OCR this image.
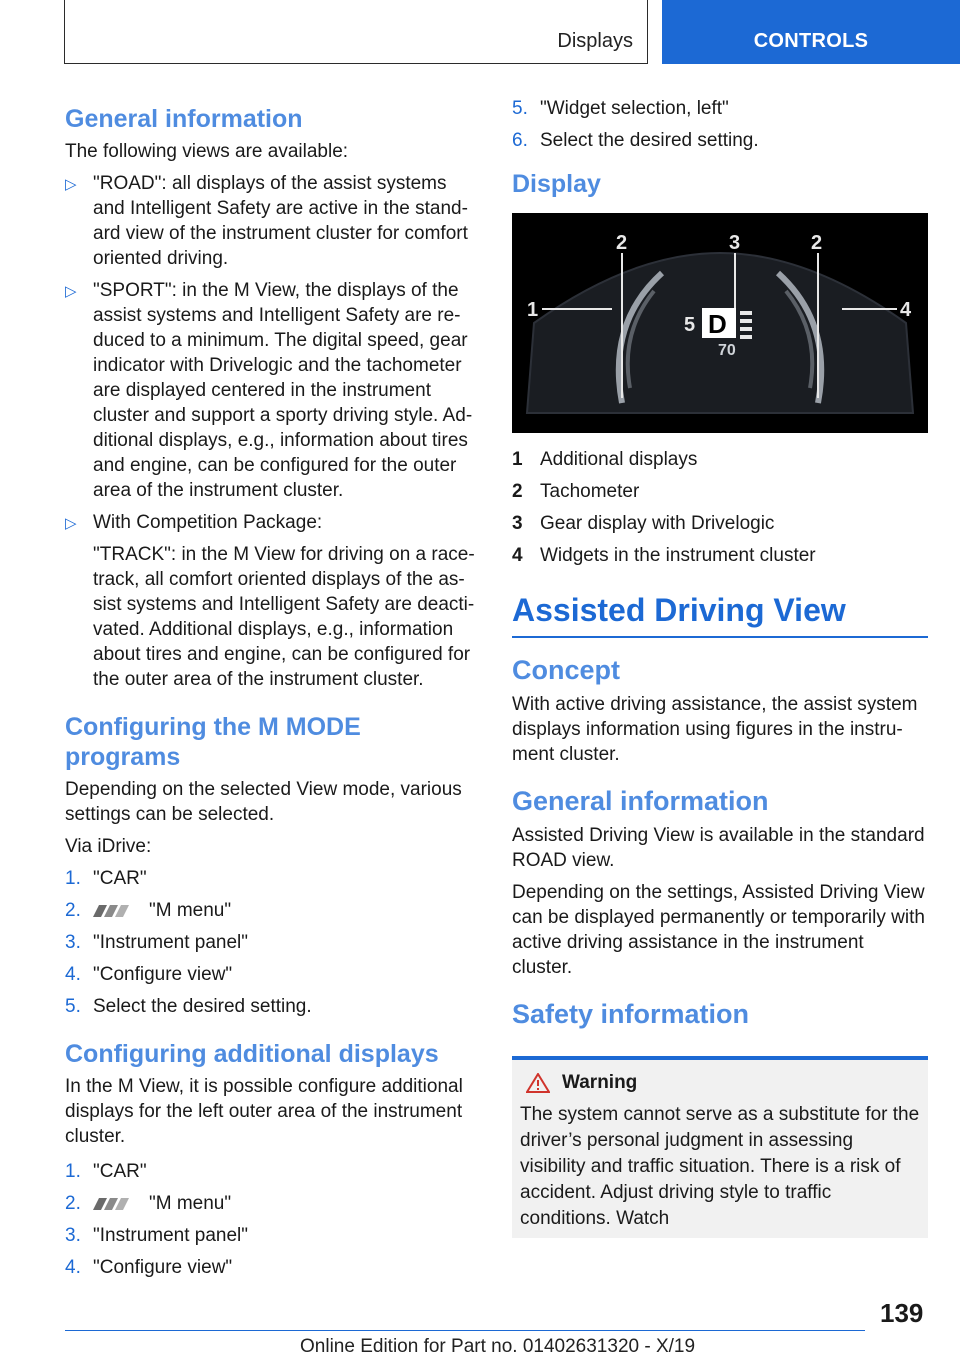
Displays	CONTROLS
General information

The following views are available:

▷ "ROAD": all displays of the assist systems and Intelligent Safety are active in the standard view of the instrument cluster for comfort oriented driving.
▷ "SPORT": in the M View, the displays of the assist systems and Intelligent Safety are reduced to a minimum. The digital speed, gear indicator with Drivelogic and the tachometer are displayed centered in the instrument cluster and support a sporty driving style. Additional displays, e.g., information about tires and engine, can be configured for the outer area of the instrument cluster.
▷ With Competition Package:
"TRACK": in the M View for driving on a racetrack, all comfort oriented displays of the assist systems and Intelligent Safety are deactivated. Additional displays, e.g., information about tires and engine, can be configured for the outer area of the instrument cluster.
Configuring the M MODE programs

Depending on the selected View mode, various settings can be selected.

Via iDrive:

1. "CAR"
2.	"M menu"
3. "Instrument panel"
4. "Configure view"
5. Select the desired setting.
Configuring additional displays

In the M View, it is possible configure additional displays for the left outer area of the instrument cluster.

1. "CAR"
2.	"M menu"
3. "Instrument panel"
4. "Configure view"
5. "Widget selection, left"
6. Select the desired setting.
Display
2	3	2
1	4
5 D
70
1 Additional displays
2 Tachometer
3 Gear display with Drivelogic
4 Widgets in the instrument cluster
Assisted Driving View
Concept

With active driving assistance, the assist system displays information using figures in the instrument cluster.

General information

Assisted Driving View is available in the standard ROAD view.

Depending on the settings, Assisted Driving View can be displayed permanently or temporarily with active driving assistance in the instrument cluster.

Safety information
Warning

The system cannot serve as a substitute for the driver’s personal judgment in assessing visibility and traffic situation. There is a risk of accident. Adjust driving style to traffic conditions. Watch

139
Online Edition for Part no. 01402631320 - X/19
